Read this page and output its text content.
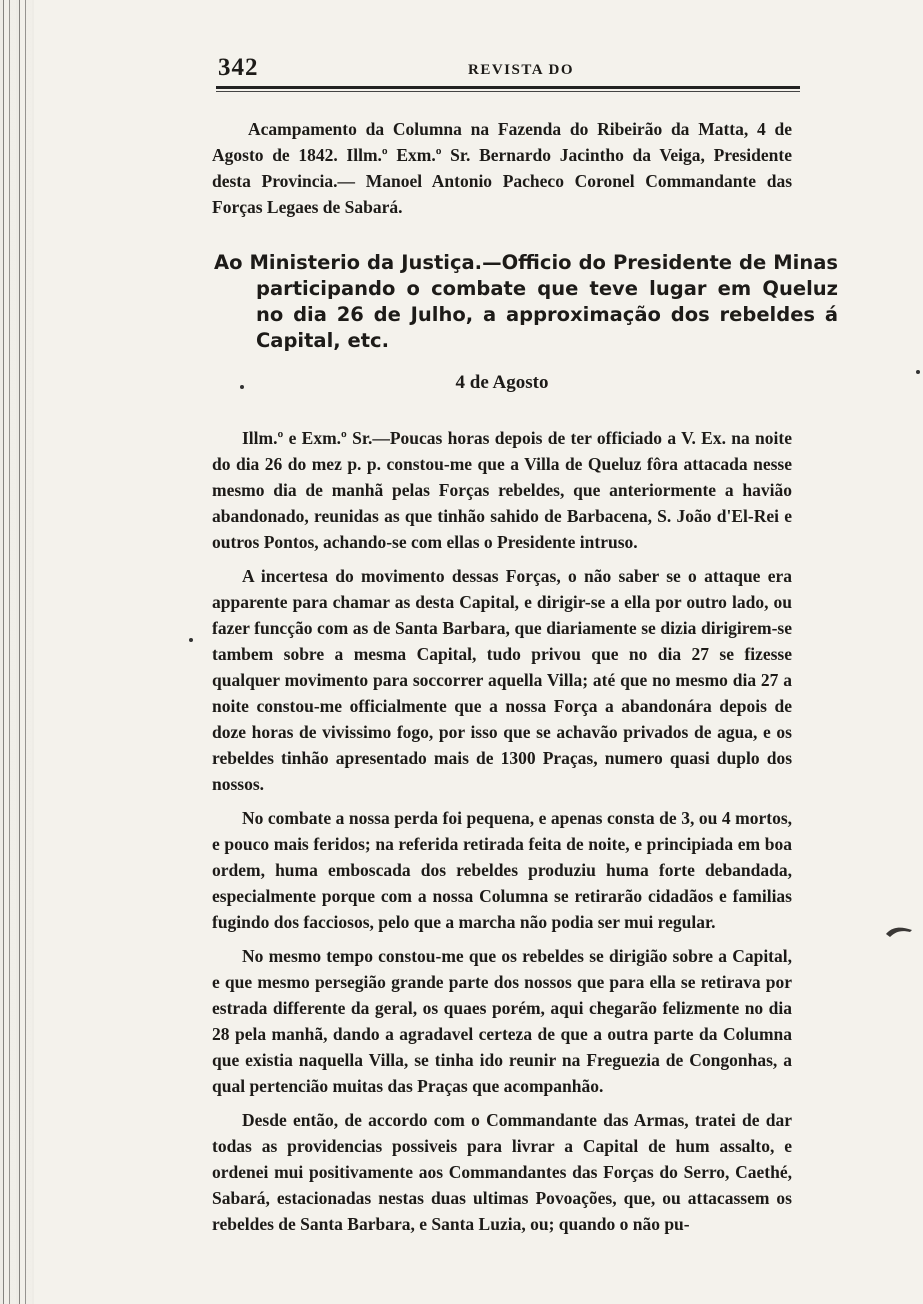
342	REVISTA DO

Acampamento da Columna na Fazenda do Ribeirão da Matta, 4 de Agosto de 1842. Illm.º Exm.º Sr. Bernardo Jacintho da Veiga, Presidente desta Provincia.— Manoel Antonio Pacheco Coronel Commandante das Forças Legaes de Sabará.

Ao Ministerio da Justiça.—Officio do Presidente de Minas participando o combate que teve lugar em Queluz no dia 26 de Julho, a approximação dos rebeldes á Capital, etc.

4 de Agosto

Illm.º e Exm.º Sr.—Poucas horas depois de ter officiado a V. Ex. na noite do dia 26 do mez p. p. constou-me que a Villa de Queluz fôra attacada nesse mesmo dia de manhã pelas Forças rebeldes, que anteriormente a havião abandonado, reunidas as que tinhão sahido de Barbacena, S. João d'El-Rei e outros Pontos, achando-se com ellas o Presidente intrusо.

A incertesa do movimento dessas Forças, o não saber se o attaque era apparente para chamar as desta Capital, e dirigir-se a ella por outro lado, ou fazer funcção com as de Santa Barbara, que diariamente se dizia dirigirem-se tambem sobre a mesma Capital, tudo privou que no dia 27 se fizesse qualquer movimento para soccorrer aquella Villa; até que no mesmo dia 27 a noite constou-me officialmente que a nossa Força a abandonára depois de doze horas de vivissimo fogo, por isso que se achavão privados de agua, e os rebeldes tinhão apresentado mais de 1300 Praças, numero quasi duplo dos nossos.

No combate a nossa perda foi pequena, e apenas consta de 3, ou 4 mortos, e pouco mais feridos; na referida retirada feita de noite, e principiada em boa ordem, huma emboscada dos rebeldes produziu huma forte debandada, especialmente porque com a nossa Columna se retirarão cidadãos e familias fugindo dos facciosos, pelo que a marcha não podia ser mui regular.

No mesmo tempo constou-me que os rebeldes se dirigião sobre a Capital, e que mesmo persegião grande parte dos nossos que para ella se retirava por estrada differente da geral, os quaes porém, aqui chegarão felizmente no dia 28 pela manhã, dando a agradavel certeza de que a outra parte da Columna que existia naquella Villa, se tinha ido reunir na Freguezia de Congonhas, a qual pertencião muitas das Praças que acompanhão.

Desde então, de accordo com o Commandante das Armas, tratei de dar todas as providencias possiveis para livrar a Capital de hum assalto, e ordenei mui positivamente aos Commandantes das Forças do Serro, Caethé, Sabará, estacionadas nestas duas ultimas Povoações, que, ou attacassem os rebeldes de Santa Barbara, e Santa Luzia, ou; quando o não pu-
